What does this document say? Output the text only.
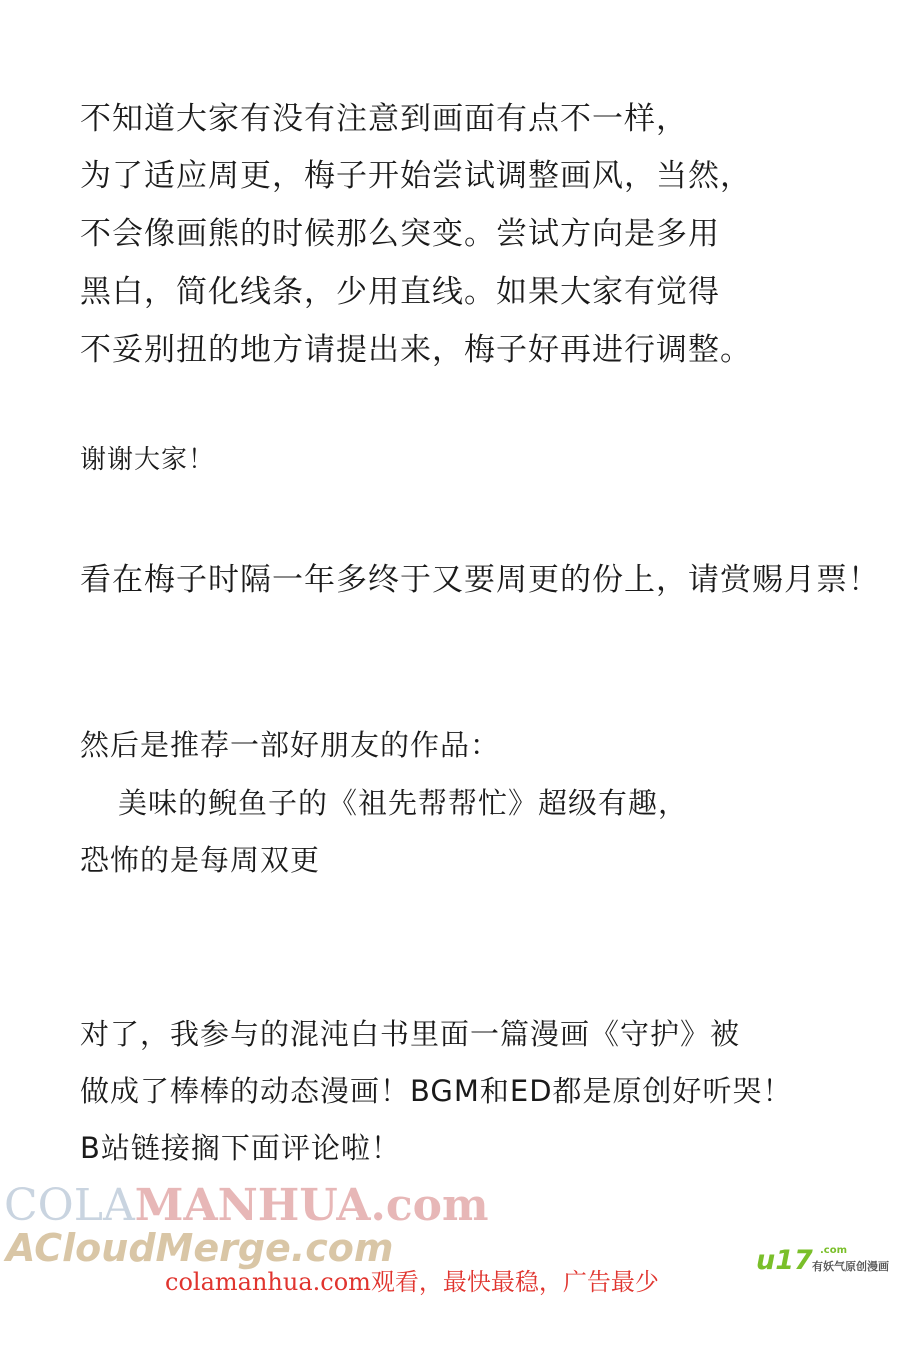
不知道大家有没有注意到画面有点不一样，
为了适应周更，梅子开始尝试调整画风，当然，
不会像画熊的时候那么突变。尝试方向是多用
黑白，简化线条，少用直线。如果大家有觉得
不妥别扭的地方请提出来，梅子好再进行调整。
谢谢大家！
看在梅子时隔一年多终于又要周更的份上，请赏赐月票！
然后是推荐一部好朋友的作品：
美味的鲵鱼子的《祖先帮帮忙》超级有趣，
恐怖的是每周双更
对了，我参与的混沌白书里面一篇漫画《守护》被
做成了棒棒的动态漫画！BGM和ED都是原创好听哭！
B站链接搁下面评论啦！
COLAMANHUA.com
ACloudMerge.com
colamanhua.com观看，最快最稳，广告最少
u17 .com
有妖气原创漫画
